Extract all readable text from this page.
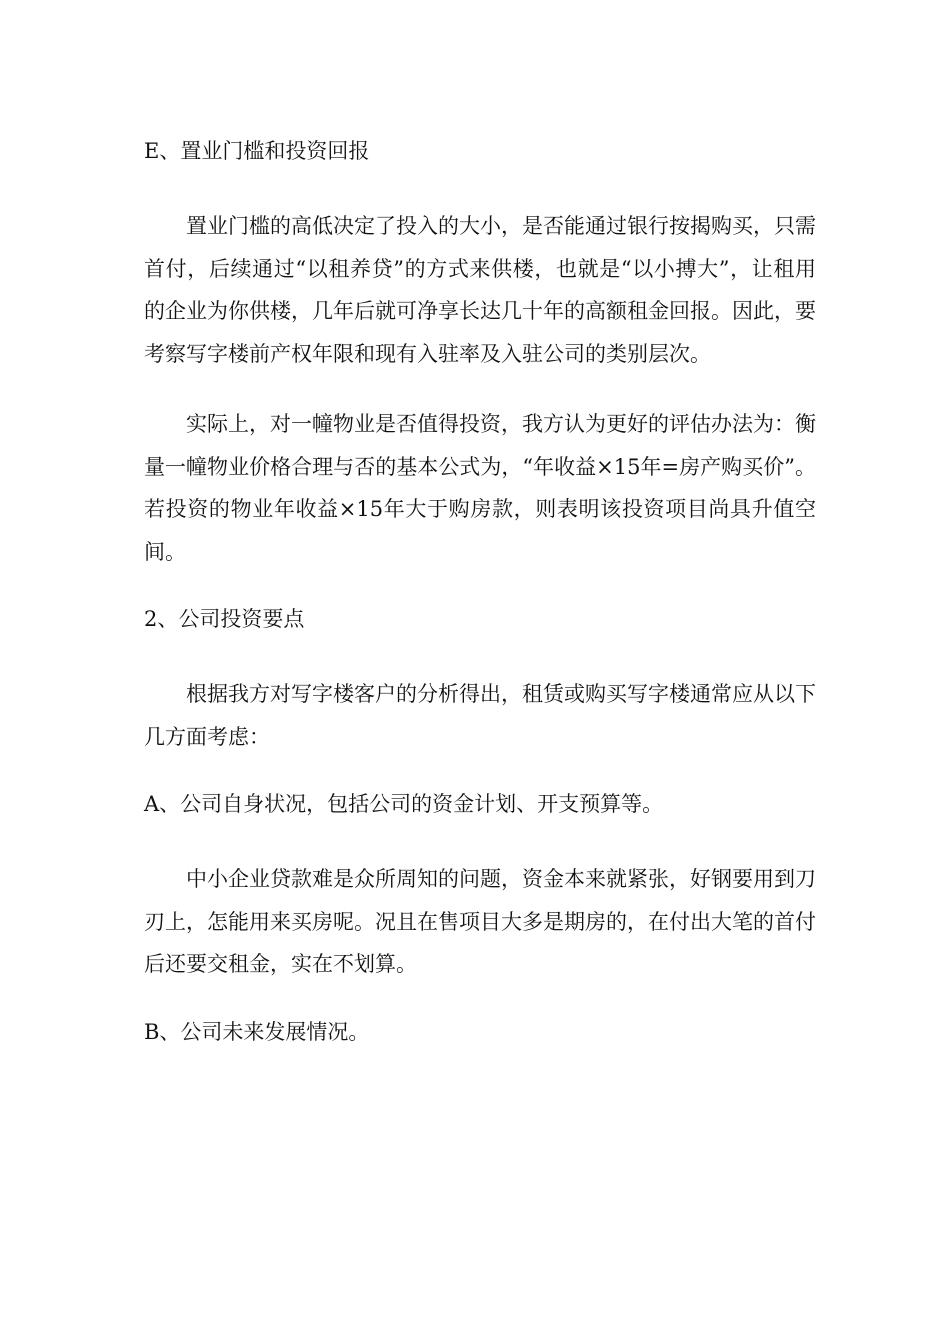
E、置业门槛和投资回报

置业门槛的高低决定了投入的大小，是否能通过银行按揭购买，只需首付，后续通过“以租养贷”的方式来供楼，也就是“以小搏大”，让租用的企业为你供楼，几年后就可净享长达几十年的高额租金回报。因此，要考察写字楼前产权年限和现有入驻率及入驻公司的类别层次。

实际上，对一幢物业是否值得投资，我方认为更好的评估办法为：衡量一幢物业价格合理与否的基本公式为，“年收益×15年=房产购买价”。若投资的物业年收益×15年大于购房款，则表明该投资项目尚具升值空间。

2、公司投资要点

根据我方对写字楼客户的分析得出，租赁或购买写字楼通常应从以下几方面考虑：

A、公司自身状况，包括公司的资金计划、开支预算等。

中小企业贷款难是众所周知的问题，资金本来就紧张，好钢要用到刀刃上，怎能用来买房呢。况且在售项目大多是期房的，在付出大笔的首付后还要交租金，实在不划算。

B、公司未来发展情况。
